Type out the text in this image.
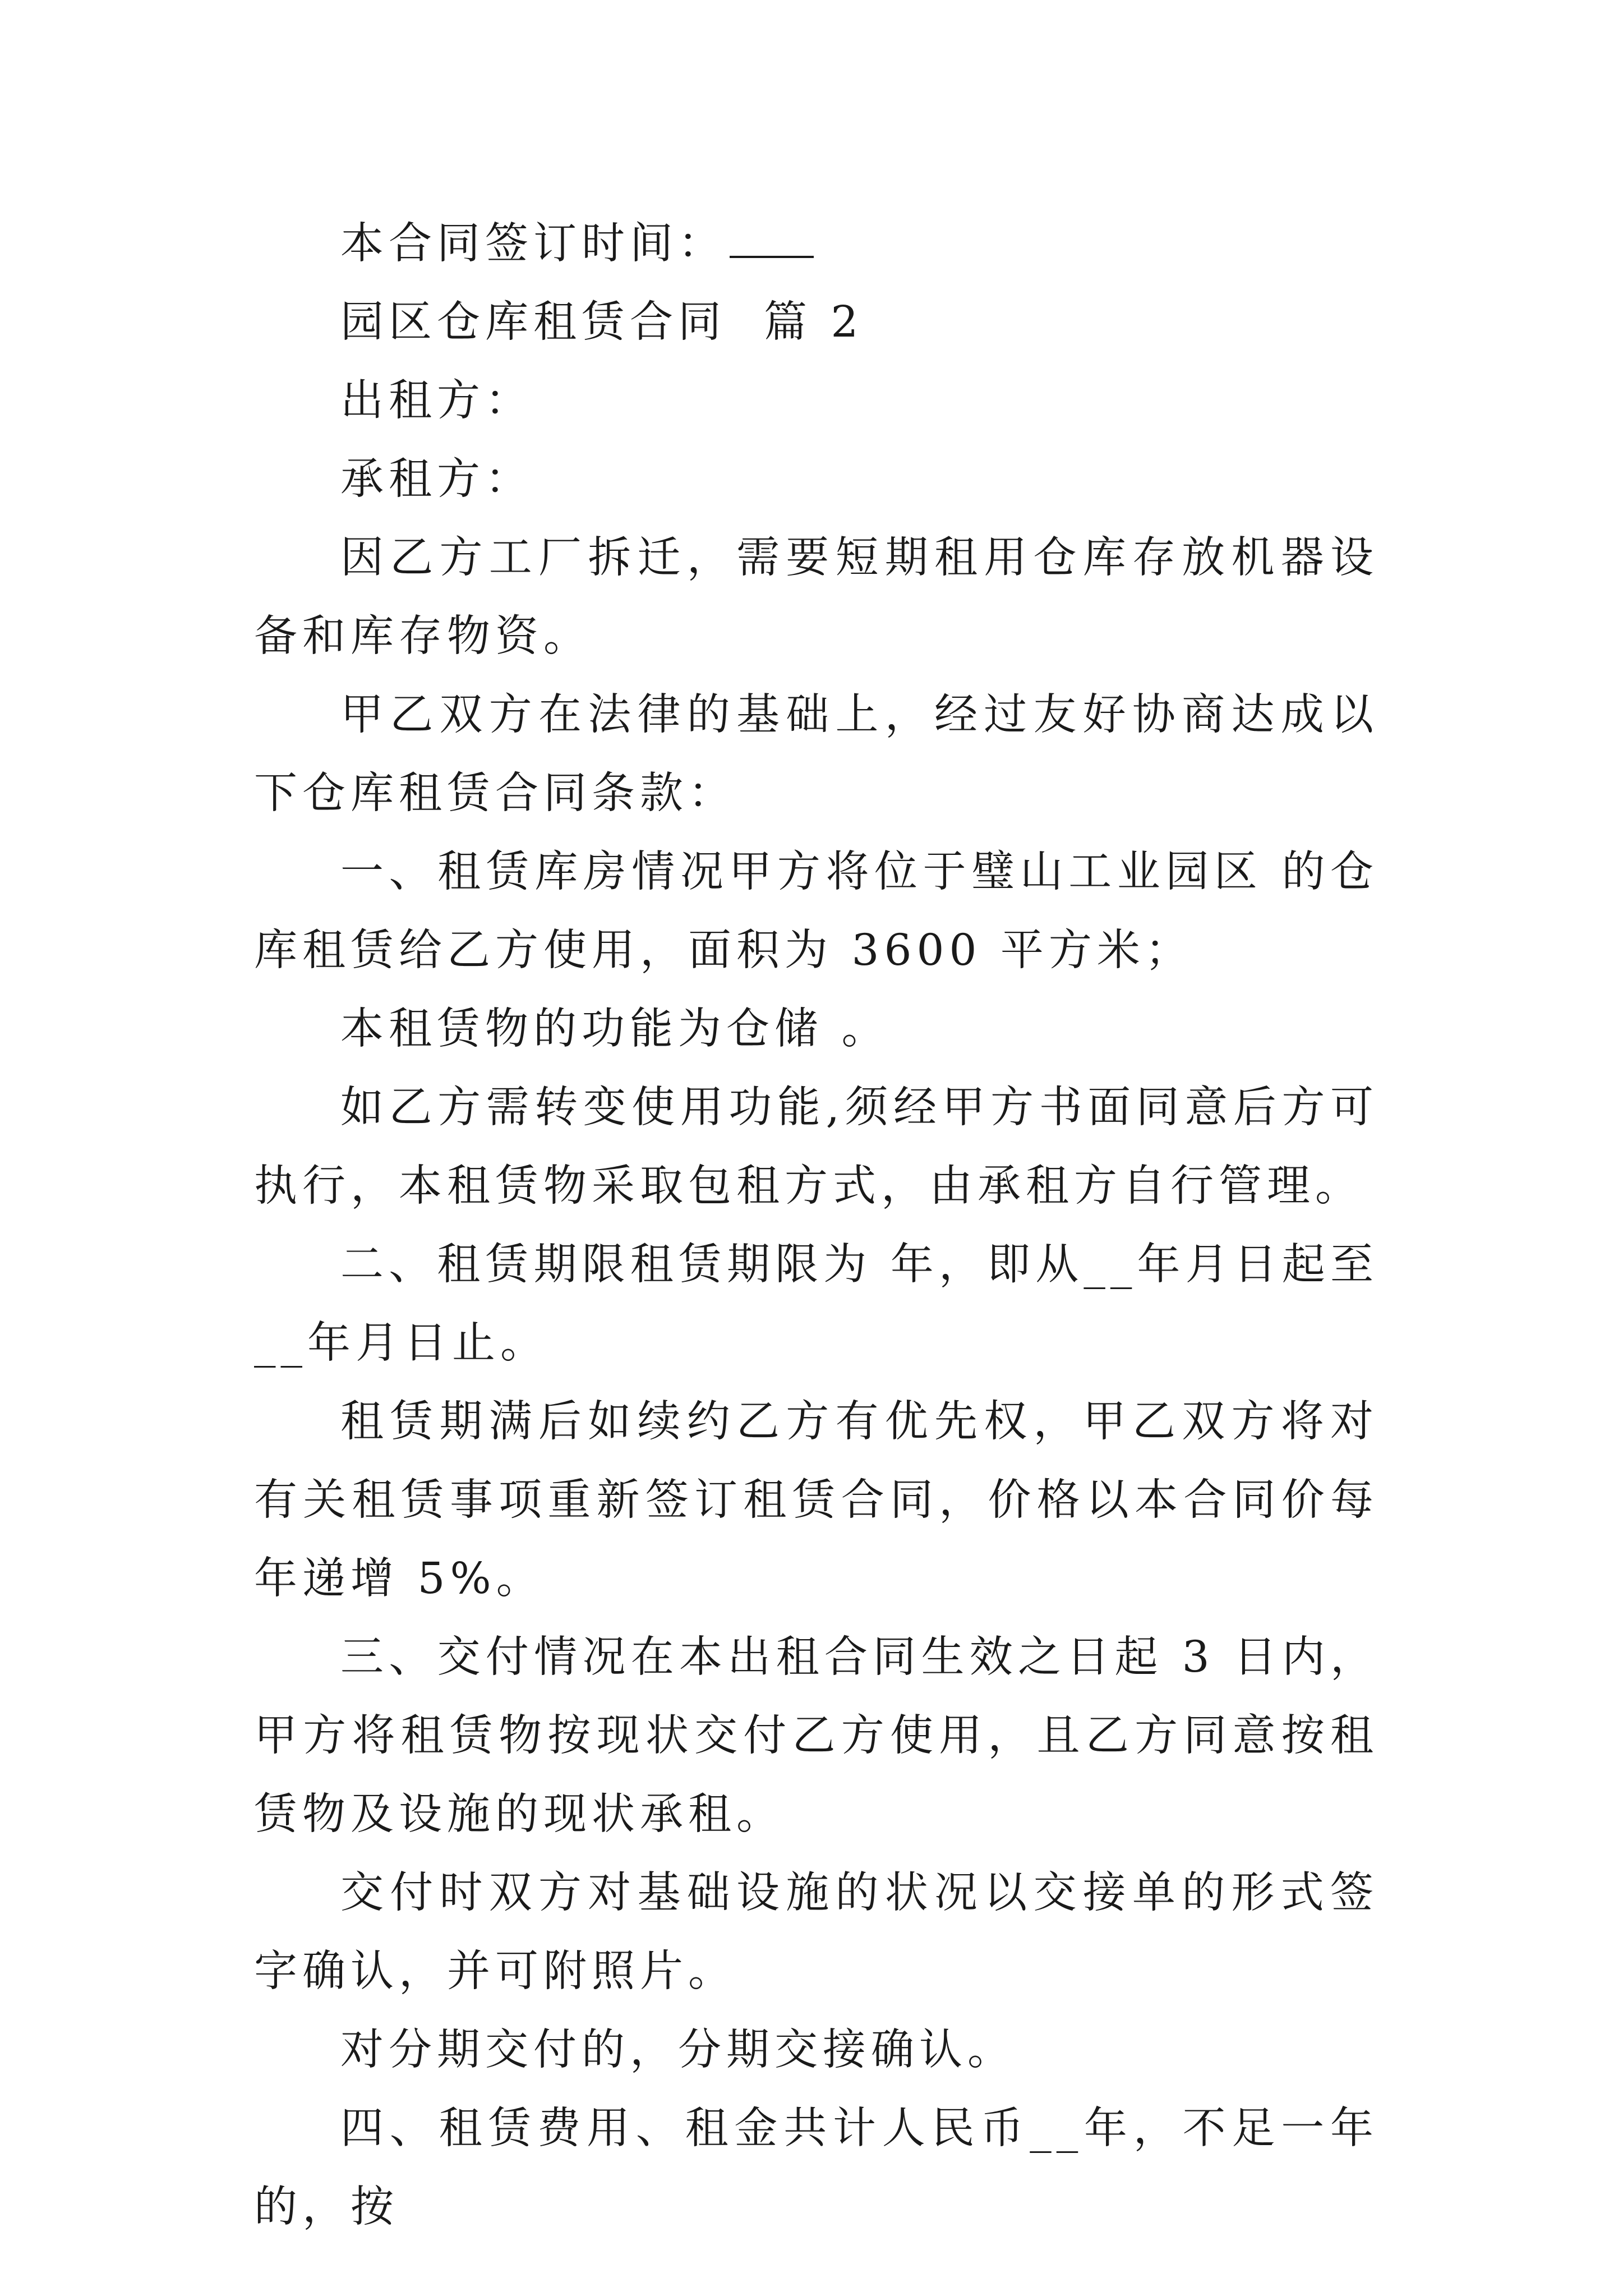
本合同签订时间：

园区仓库租赁合同  篇 2

出租方：

承租方：

因乙方工厂拆迁，需要短期租用仓库存放机器设备和库存物资。

甲乙双方在法律的基础上，经过友好协商达成以下仓库租赁合同条款：

一、租赁库房情况甲方将位于璧山工业园区 的仓库租赁给乙方使用，面积为 3600 平方米；

本租赁物的功能为仓储 。

如乙方需转变使用功能,须经甲方书面同意后方可执行，本租赁物采取包租方式，由承租方自行管理。

二、租赁期限租赁期限为 年，即从__年月日起至__年月日止。

租赁期满后如续约乙方有优先权，甲乙双方将对有关租赁事项重新签订租赁合同，价格以本合同价每年递增 5%。

三、交付情况在本出租合同生效之日起 3 日内，甲方将租赁物按现状交付乙方使用，且乙方同意按租赁物及设施的现状承租。

交付时双方对基础设施的状况以交接单的形式签字确认，并可附照片。

对分期交付的，分期交接确认。

四、租赁费用、租金共计人民币__年，不足一年的，按
